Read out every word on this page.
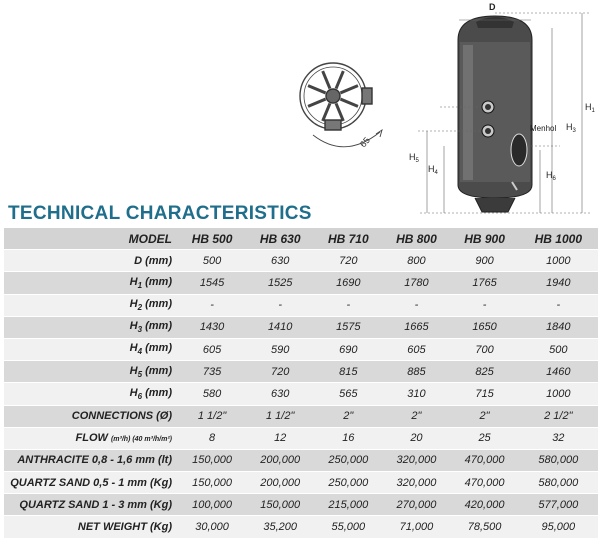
65
D
$H_1$
$H_3$
$H_5$
$H_4$	$H_6$
Menhol
TECHNICAL CHARACTERISTICS
MODEL	HB 500	HB 630	HB 710	HB 800	HB 900	HB 1000
D (mm)	500	630	720	800	900	1000
$H_1$ (mm)	1545	1525	1690	1780	1765	1940
$H_2$ (mm)	-	-	-	-	-	-
$H_3$ (mm)	1430	1410	1575	1665	1650	1840
$H_4$ (mm)	605	590	690	605	700	500
$H_5$ (mm)	735	720	815	885	825	1460
$H_6$ (mm)	580	630	565	310	715	1000
CONNECTIONS (Ø)	1 1/2"	1 1/2"	2"	2"	2"	2 1/2"
FLOW (m³/h) (40 m³/h/m²)	8	12	16	20	25	32
ANTHRACITE 0,8 - 1,6 mm (lt)	150,000	200,000	250,000	320,000	470,000	580,000
QUARTZ SAND 0,5 - 1 mm (Kg)	150,000	200,000	250,000	320,000	470,000	580,000
QUARTZ SAND 1 - 3 mm (Kg)	100,000	150,000	215,000	270,000	420,000	577,000
NET WEIGHT (Kg)	30,000	35,200	55,000	71,000	78,500	95,000
